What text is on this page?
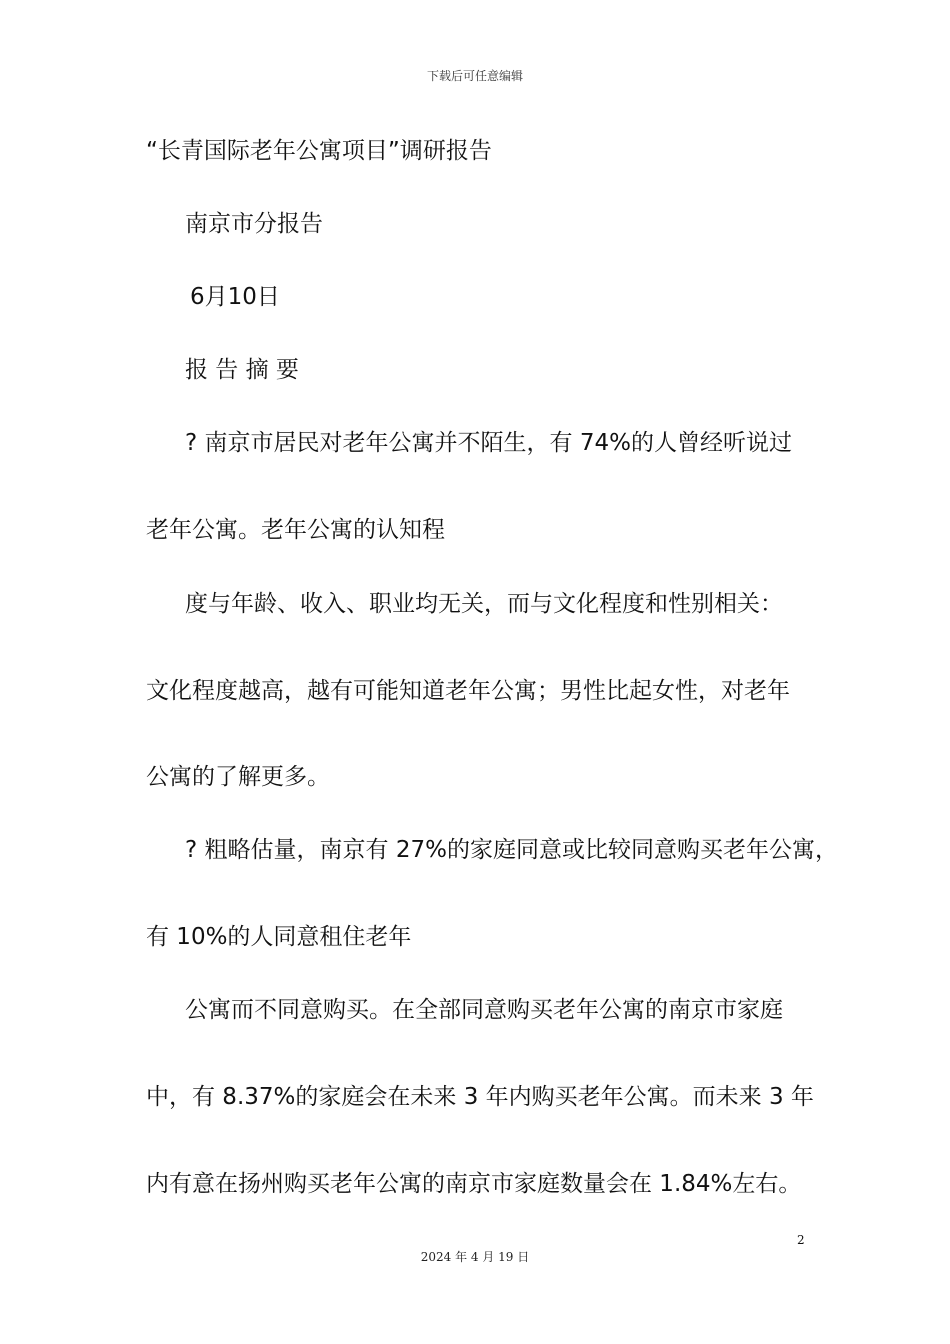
下载后可任意编辑
“长青国际老年公寓项目”调研报告
南京市分报告
6月10日
报 告 摘 要
? 南京市居民对老年公寓并不陌生，有 74%的人曾经听说过
老年公寓。老年公寓的认知程
度与年龄、收入、职业均无关，而与文化程度和性别相关：
文化程度越高，越有可能知道老年公寓；男性比起女性，对老年
公寓的了解更多。
? 粗略估量，南京有 27%的家庭同意或比较同意购买老年公寓，
有 10%的人同意租住老年
公寓而不同意购买。在全部同意购买老年公寓的南京市家庭
中，有 8.37%的家庭会在未来 3 年内购买老年公寓。而未来 3 年
内有意在扬州购买老年公寓的南京市家庭数量会在 1.84%左右。
2
2024 年 4 月 19 日
